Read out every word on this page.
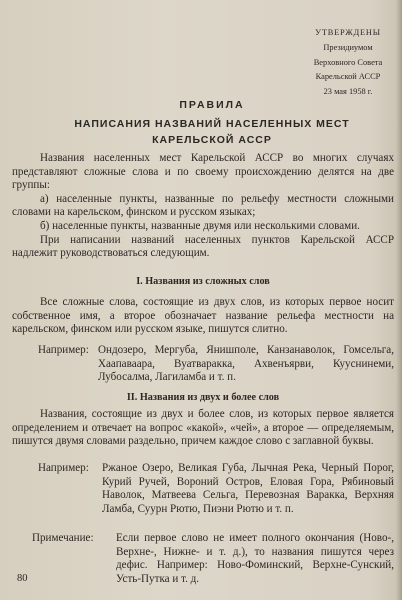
УТВЕРЖДЕНЫ
Президиумом
Верховного Совета
Карельской АССР
23 мая 1958 г.
ПРАВИЛА
НАПИСАНИЯ НАЗВАНИЙ НАСЕЛЕННЫХ МЕСТ
КАРЕЛЬСКОЙ АССР

Названия населенных мест Карельской АССР во многих случаях представляют сложные слова и по своему происхождению делятся на две группы:

а) населенные пункты, названные по рельефу местности сложными словами на карельском, финском и русском языках;

б) населенные пункты, названные двумя или несколькими словами.

При написании названий населенных пунктов Карельской АССР надлежит руководствоваться следующим.

I. Названия из сложных слов

Все сложные слова, состоящие из двух слов, из которых первое носит собственное имя, а второе обозначает название рельефа местности на карельском, финском или русском языке, пишутся слитно.

Например: Ондозеро, Мергуба, Янишполе, Канзанаволок, Гомсельга, Хаапавaара, Вуатваракка, Ахвенъярви, Кууснинеми, Лубосалма, Лагиламба и т. п.
II. Названия из двух и более слов

Названия, состоящие из двух и более слов, из которых первое является определением и отвечает на вопрос «какой», «чей», а второе — определяемым, пишутся двумя словами раздельно, причем каждое слово с заглавной буквы.

Например: Ржаное Озеро, Великая Губа, Лычная Река, Черный Порог, Курий Ручей, Вороний Остров, Еловая Гора, Рябиновый Наволок, Матвеева Сельга, Перевозная Варакка, Верхняя Ламба, Суурн Рютю, Пиэни Рютю и т. п.
Примечание: Если первое слово не имеет полного окончания (Ново-, Верхне-, Нижне- и т. д.), то названия пишутся через дефис. Например: Ново-Фоминский, Верхне-Сунский, Усть-Путка и т. д.
80
